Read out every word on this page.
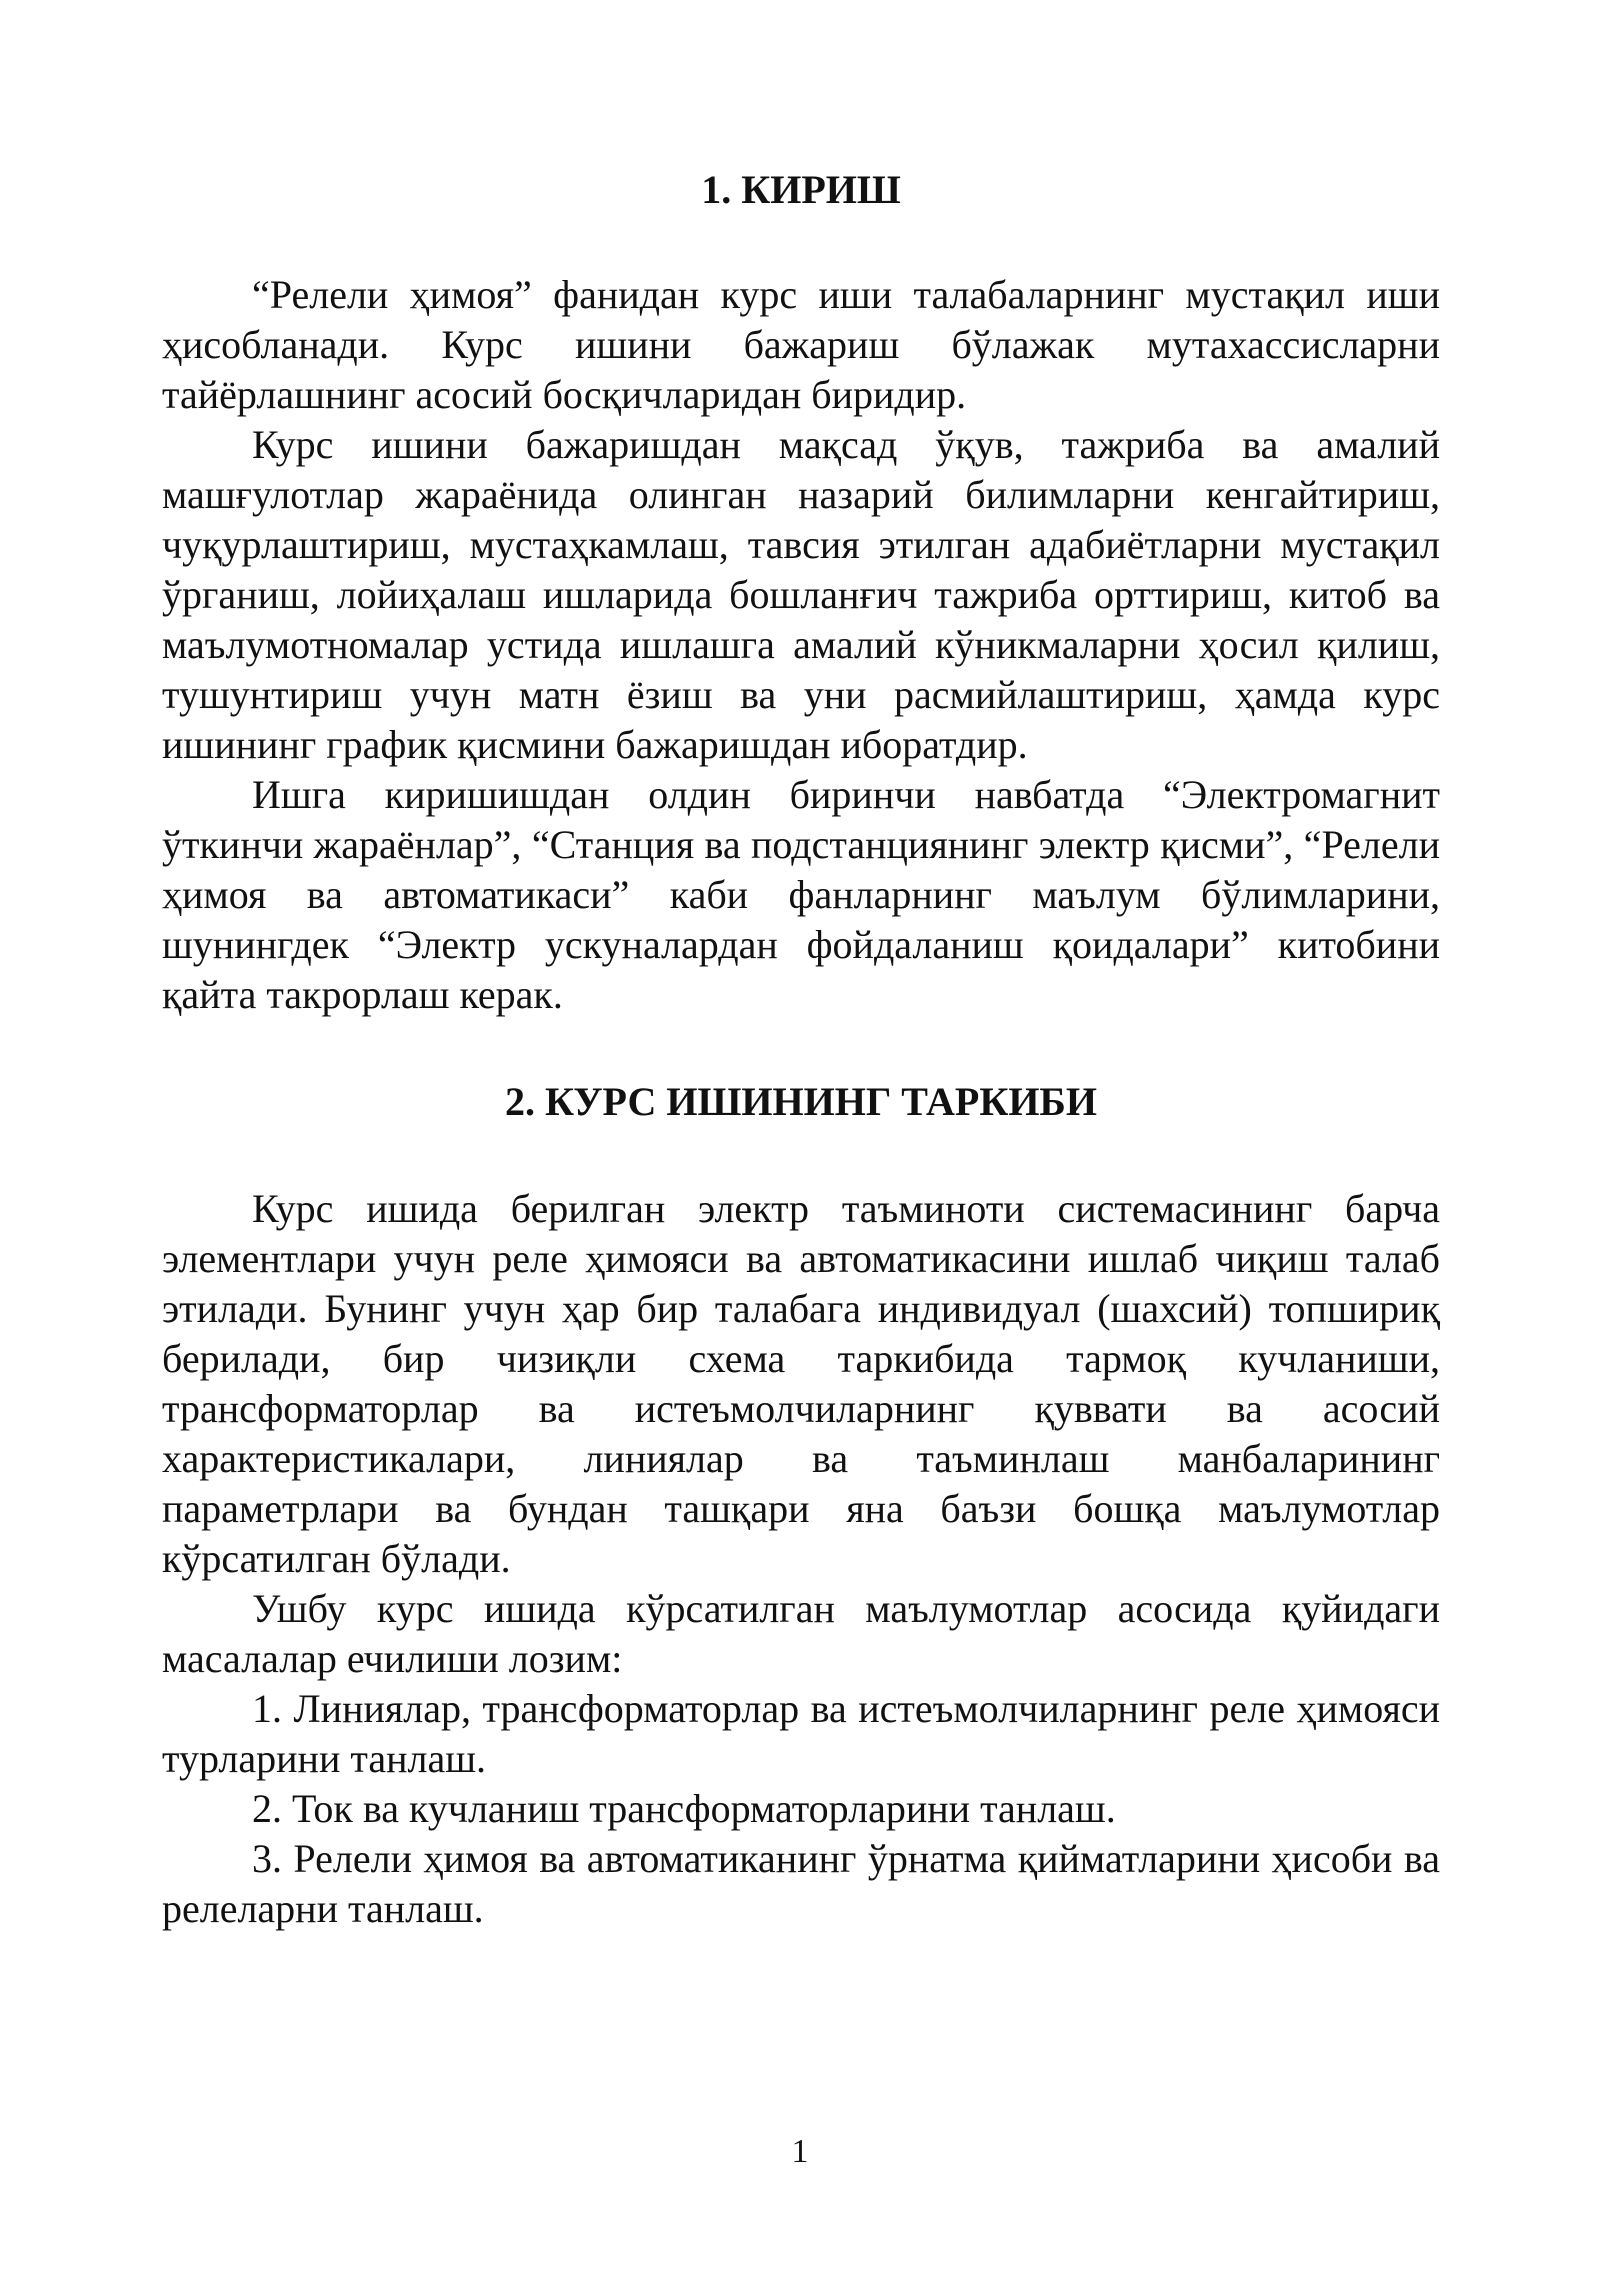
1. КИРИШ

“Релели ҳимоя” фанидан курс иши талабаларнинг мустақил иши ҳисобланади. Курс ишини бажариш бўлажак мутахассисларни тайёрлашнинг асосий босқичларидан биридир.

Курс ишини бажаришдан мақсад ўқув, тажриба ва амалий машғулотлар жараёнида олинган назарий билимларни кенгайтириш, чуқурлаштириш, мустаҳкамлаш, тавсия этилган адабиётларни мустақил ўрганиш, лойиҳалаш ишларида бошланғич тажриба орттириш, китоб ва маълумотномалар устида ишлашга амалий кўникмаларни ҳосил қилиш, тушунтириш учун матн ёзиш ва уни расмийлаштириш, ҳамда курс ишининг график қисмини бажаришдан иборатдир.

Ишга киришишдан олдин биринчи навбатда “Электромагнит ўткинчи жараёнлар”, “Станция ва подстанциянинг электр қисми”, “Релели ҳимоя ва автоматикаси” каби фанларнинг маълум бўлимларини, шунингдек “Электр ускуналардан фойдаланиш қоидалари” китобини қайта такрорлаш керак.

2. КУРС ИШИНИНГ ТАРКИБИ

Курс ишида берилган электр таъминоти системасининг барча элементлари учун реле ҳимояси ва автоматикасини ишлаб чиқиш талаб этилади. Бунинг учун ҳар бир талабага индивидуал (шахсий) топшириқ берилади, бир чизиқли схема таркибида тармоқ кучланиши, трансформаторлар ва истеъмолчиларнинг қуввати ва асосий характеристикалари, линиялар ва таъминлаш манбаларининг параметрлари ва бундан ташқари яна баъзи бошқа маълумотлар кўрсатилган бўлади.

Ушбу курс ишида кўрсатилган маълумотлар асосида қуйидаги масалалар ечилиши лозим:

1. Линиялар, трансформаторлар ва истеъмолчиларнинг реле ҳимояси турларини танлаш.

2. Ток ва кучланиш трансформаторларини танлаш.

3. Релели ҳимоя ва автоматиканинг ўрнатма қийматларини ҳисоби ва релеларни танлаш.

1
